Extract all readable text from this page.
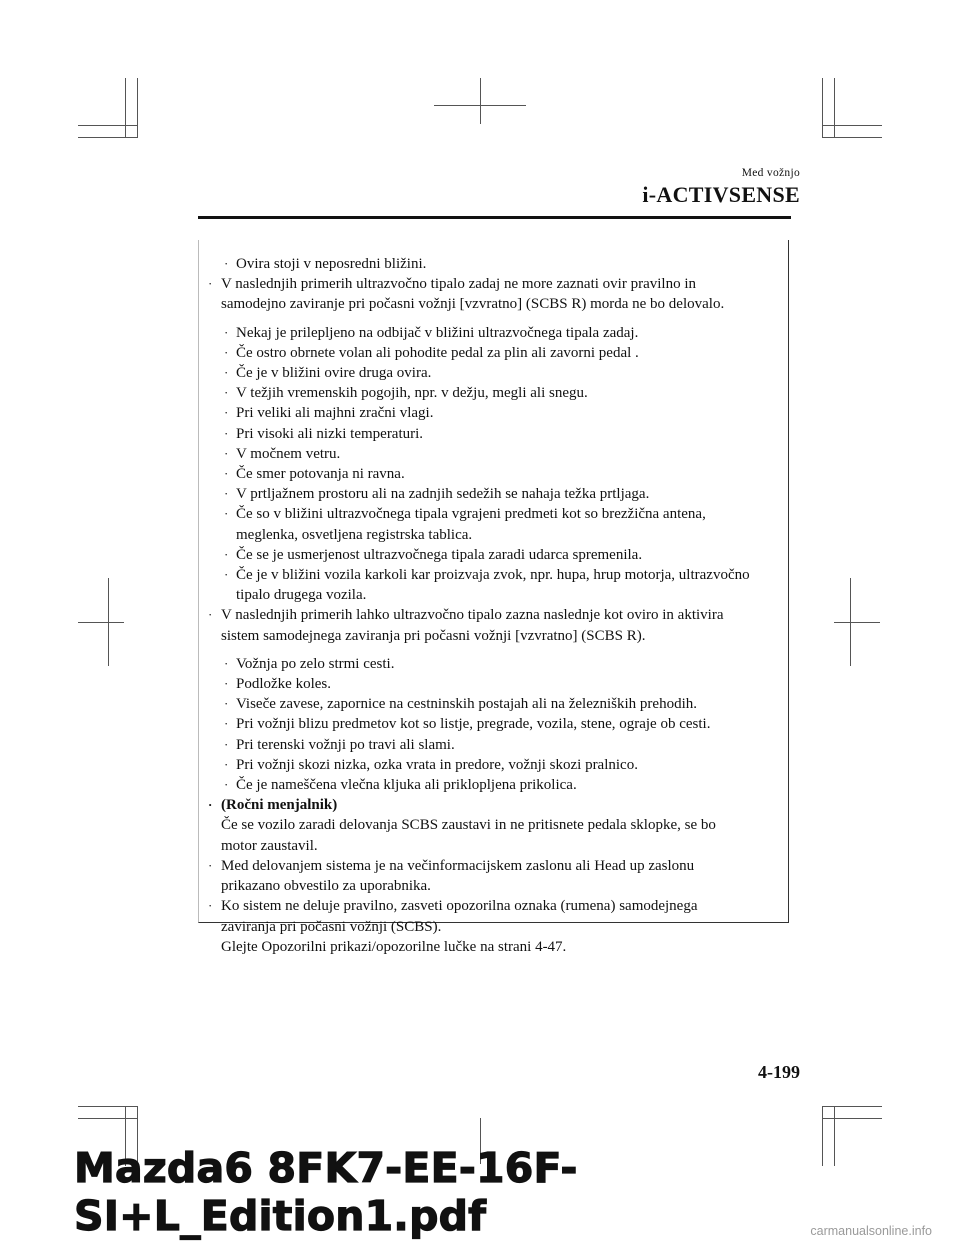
Med vožnjo
i-ACTIVSENSE
· Ovira stoji v neposredni bližini.
· V naslednjih primerih ultrazvočno tipalo zadaj ne more zaznati ovir pravilno in
samodejno zaviranje pri počasni vožnji [vzvratno] (SCBS R) morda ne bo delovalo.
· Nekaj je prilepljeno na odbijač v bližini ultrazvočnega tipala zadaj.
· Če ostro obrnete volan ali pohodite pedal za plin ali zavorni pedal .
· Če je v bližini ovire druga ovira.
· V težjih vremenskih pogojih, npr. v dežju, megli ali snegu.
· Pri veliki ali majhni zračni vlagi.
· Pri visoki ali nizki temperaturi.
· V močnem vetru.
· Če smer potovanja ni ravna.
· V prtljažnem prostoru ali na zadnjih sedežih se nahaja težka prtljaga.
· Če so v bližini ultrazvočnega tipala vgrajeni predmeti kot so brezžična antena,
meglenka, osvetljena registrska tablica.
· Če se je usmerjenost ultrazvočnega tipala zaradi udarca spremenila.
· Če je v bližini vozila karkoli kar proizvaja zvok, npr. hupa, hrup motorja, ultrazvočno
tipalo drugega vozila.
· V naslednjih primerih lahko ultrazvočno tipalo zazna naslednje kot oviro in aktivira
sistem samodejnega zaviranja pri počasni vožnji [vzvratno] (SCBS R).
· Vožnja po zelo strmi cesti.
· Podložke koles.
· Viseče zavese, zapornice na cestninskih postajah ali na železniških prehodih.
· Pri vožnji blizu predmetov kot so listje, pregrade, vozila, stene, ograje ob cesti.
· Pri terenski vožnji po travi ali slami.
· Pri vožnji skozi nizka, ozka vrata in predore, vožnji skozi pralnico.
· Če je nameščena vlečna kljuka ali priklopljena prikolica.
· (Ročni menjalnik)
Če se vozilo zaradi delovanja SCBS zaustavi in ne pritisnete pedala sklopke, se bo
motor zaustavil.
· Med delovanjem sistema je na večinformacijskem zaslonu ali Head up zaslonu
prikazano obvestilo za uporabnika.
· Ko sistem ne deluje pravilno, zasveti opozorilna oznaka (rumena) samodejnega
zaviranja pri počasni vožnji (SCBS).
Glejte Opozorilni prikazi/opozorilne lučke na strani 4-47.
4-199
Mazda6 8FK7-EE-16F-SI+L_Edition1.pdf	carmanualsonline.info
